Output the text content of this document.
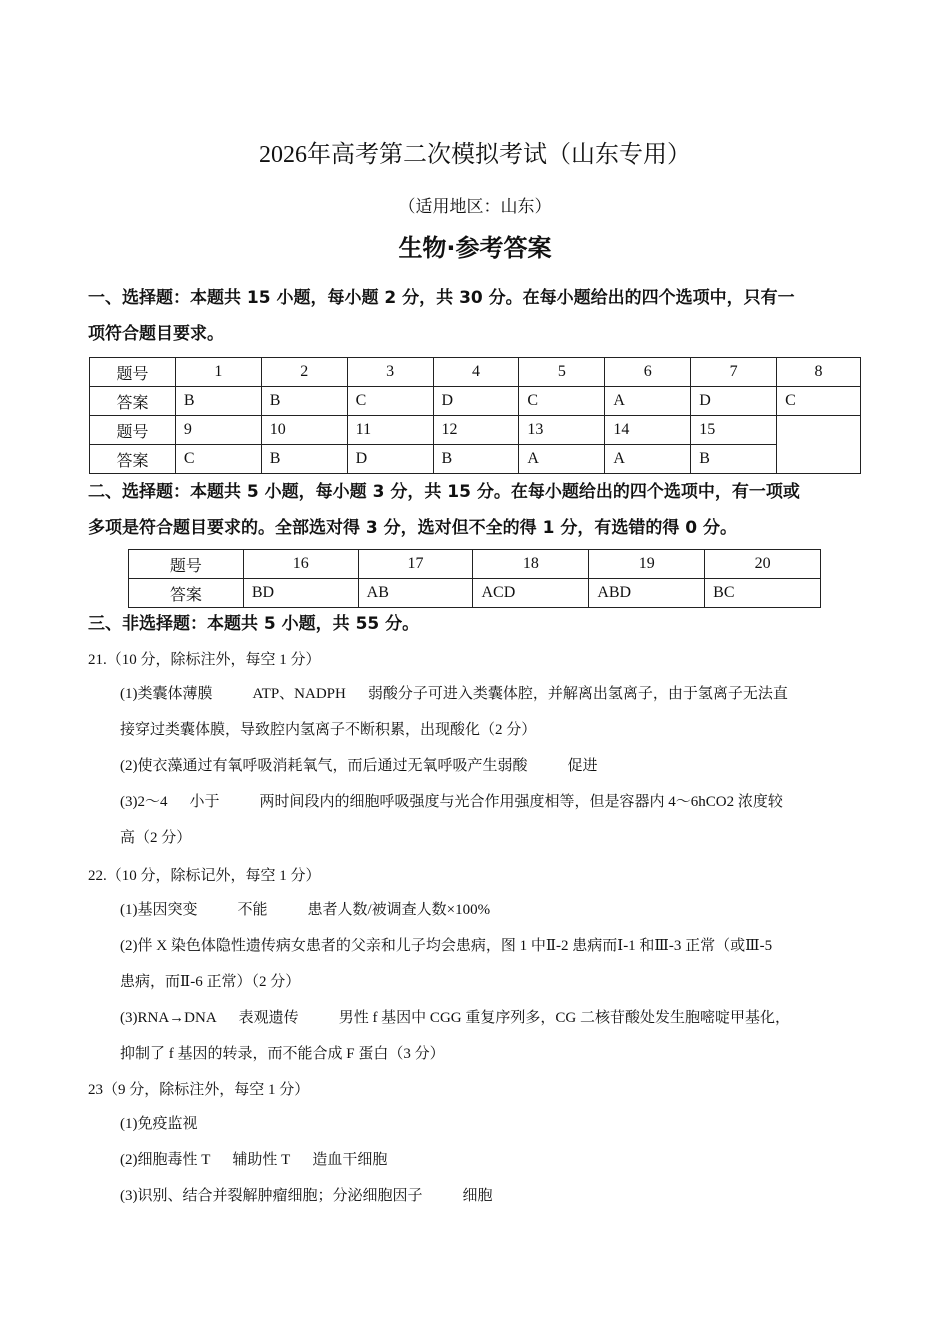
2026年高考第二次模拟考试（山东专用）
（适用地区：山东）
生物·参考答案
一、选择题：本题共 15 小题，每小题 2 分，共 30 分。在每小题给出的四个选项中，只有一
项符合题目要求。
题号	1	2	3	4	5	6	7	8
答案	B	B	C	D	C	A	D	C
题号	9	10	11	12	13	14	15	
答案	C	B	D	B	A	A	B	
二、选择题：本题共 5 小题，每小题 3 分，共 15 分。在每小题给出的四个选项中，有一项或
多项是符合题目要求的。全部选对得 3 分，选对但不全的得 1 分，有选错的得 0 分。
题号	16	17	18	19	20
答案	BD	AB	ACD	ABD	BC
三、非选择题：本题共 5 小题，共 55 分。
21.（10 分，除标注外，每空 1 分）
(1)类囊体薄膜	ATP、NADPH 弱酸分子可进入类囊体腔，并解离出氢离子，由于氢离子无法直
接穿过类囊体膜，导致腔内氢离子不断积累，出现酸化（2 分）
(2)使衣藻通过有氧呼吸消耗氧气，而后通过无氧呼吸产生弱酸	促进
(3)2～4 小于	两时间段内的细胞呼吸强度与光合作用强度相等，但是容器内 4～6hCO2 浓度较
高（2 分）
22.（10 分，除标记外，每空 1 分）
(1)基因突变	不能	患者人数/被调查人数×100%
(2)伴 X 染色体隐性遗传病女患者的父亲和儿子均会患病，图 1 中Ⅱ-2 患病而Ⅰ-1 和Ⅲ-3 正常（或Ⅲ-5
患病，而Ⅱ-6 正常）（2 分）
(3)RNA→DNA 表观遗传	男性 f 基因中 CGG 重复序列多，CG 二核苷酸处发生胞嘧啶甲基化，
抑制了 f 基因的转录，而不能合成 F 蛋白（3 分）
23（9 分，除标注外，每空 1 分）
(1)免疫监视
(2)细胞毒性 T 辅助性 T 造血干细胞
(3)识别、结合并裂解肿瘤细胞；分泌细胞因子	细胞
